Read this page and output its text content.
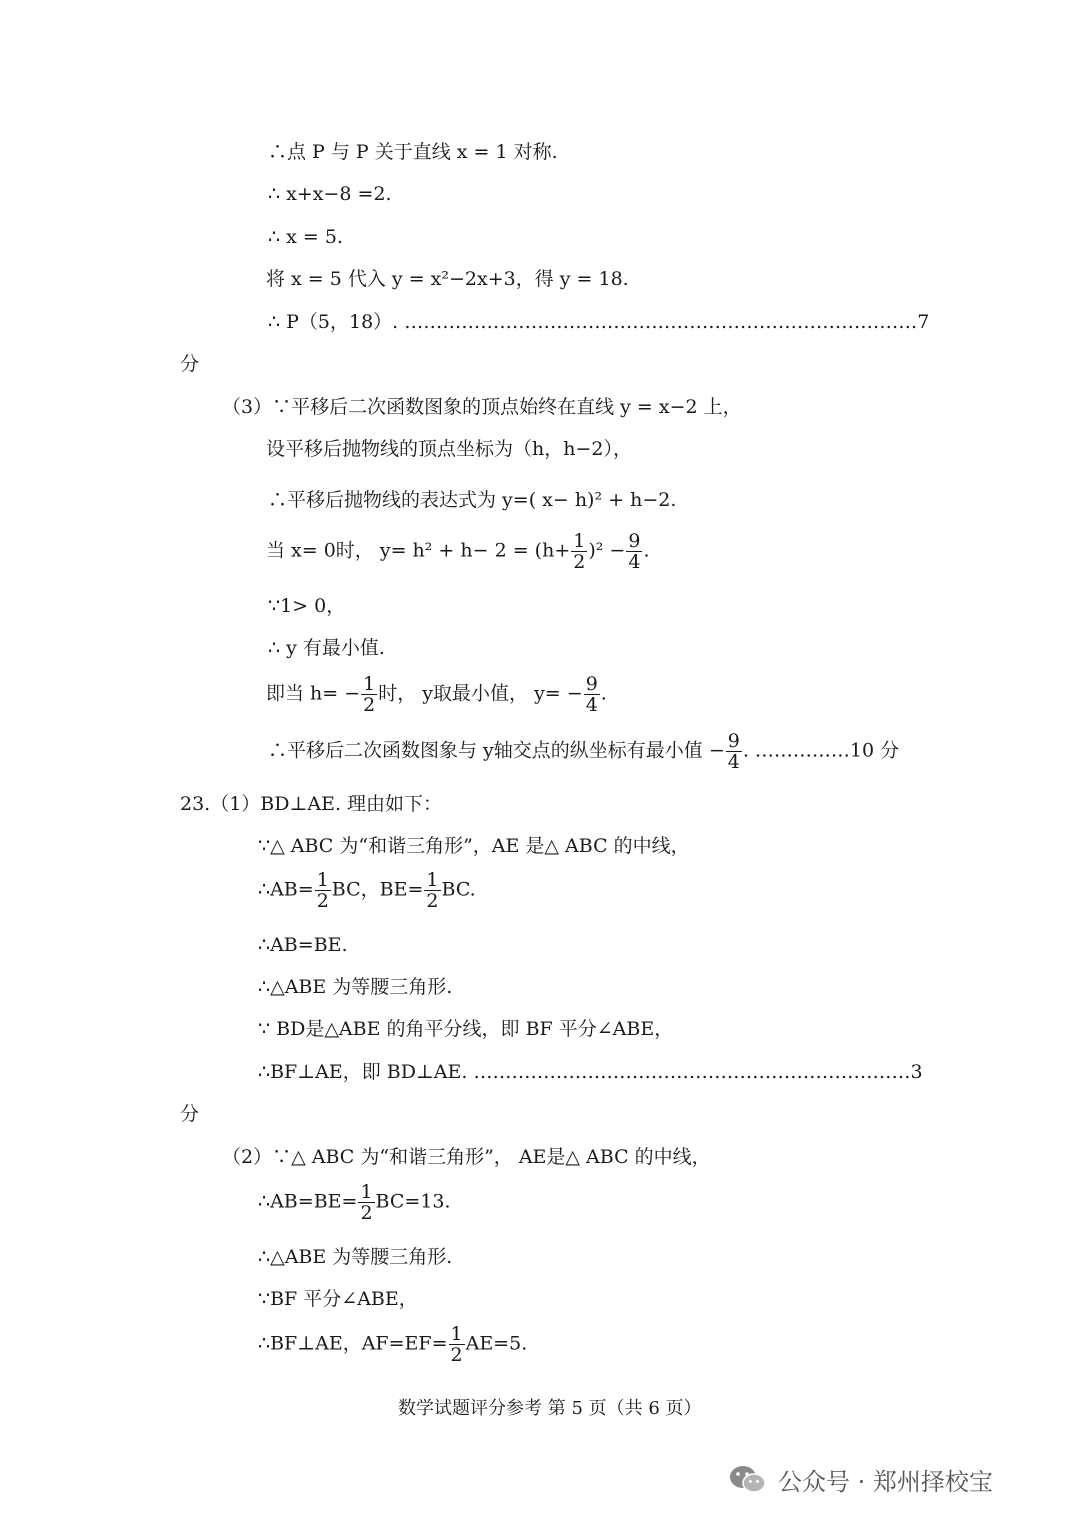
∴点 P 与 P 关于直线 x = 1 对称.
∴ x+x−8 =2.
∴ x = 5.
将 x = 5 代入 y = x²−2x+3，得 y = 18.
∴ P（5，18）. ………………………………………………………………………7
分
（3）∵平移后二次函数图象的顶点始终在直线 y = x−2 上，
设平移后抛物线的顶点坐标为（h，h−2），
∴平移后抛物线的表达式为 y=( x− h)² + h−2.
当 x= 0时， $y= h^2 + h- 2 = (h+ \frac{1}{2} )^2 - \frac{9}{4}$ .
∵1> 0，
∴ y 有最小值.
即当 $h= - \frac{1}{2}$ 时， y取最小值， $y= - \frac{9}{4}$ .
∴平移后二次函数图象与 y轴交点的纵坐标有最小值 − $\frac{9}{4}$ . ……………10 分
23.（1）BD⊥AE. 理由如下：
∵△ ABC 为“和谐三角形”，AE 是△ ABC 的中线，
∴AB= $\frac{1}{2}$ BC，$BE= \frac{1}{2}$ BC.
∴AB=BE.
∴△ABE 为等腰三角形.
∵ BD是△ABE 的角平分线，即 BF 平分∠ABE，
∴BF⊥AE，即 BD⊥AE. ……………………………………………………………3
分
（2）∵△ ABC 为“和谐三角形”， AE是△ ABC 的中线，
∴AB=BE= $\frac{1}{2} BC=13$.
∴△ABE 为等腰三角形.
∵BF 平分∠ABE，
∴BF⊥AE，$AF=EF= \frac{1}{2} AE=5$.
数学试题评分参考 第 5 页（共 6 页）
公众号 · 郑州择校宝
